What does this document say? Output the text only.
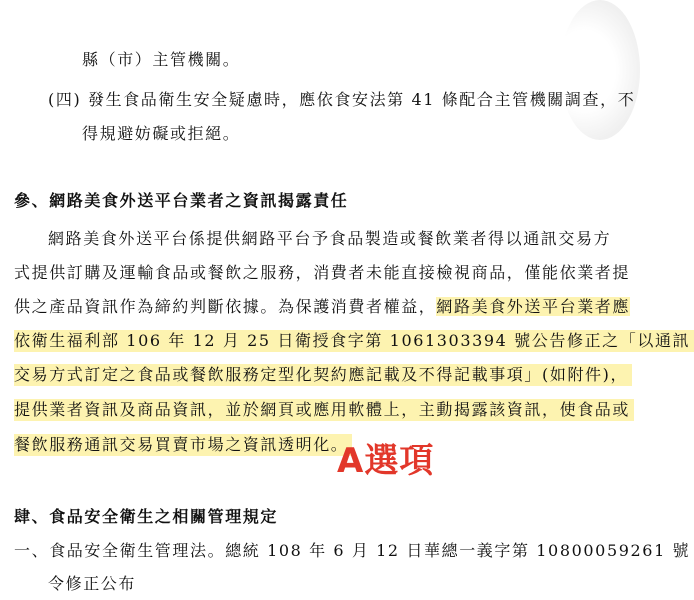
縣（市）主管機關。
(四) 發生食品衛生安全疑慮時，應依食安法第 41 條配合主管機關調查，不
得規避妨礙或拒絕。
參、網路美食外送平台業者之資訊揭露責任
網路美食外送平台係提供網路平台予食品製造或餐飲業者得以通訊交易方
式提供訂購及運輸食品或餐飲之服務，消費者未能直接檢視商品，僅能依業者提
供之產品資訊作為締約判斷依據。為保護消費者權益，網路美食外送平台業者應
依衛生福利部 106 年 12 月 25 日衛授食字第 1061303394 號公告修正之「以通訊
交易方式訂定之食品或餐飲服務定型化契約應記載及不得記載事項」(如附件)，
提供業者資訊及商品資訊，並於網頁或應用軟體上，主動揭露該資訊，使食品或
餐飲服務通訊交易買賣市場之資訊透明化。
A選項
肆、食品安全衛生之相關管理規定
一、食品安全衛生管理法。總統 108 年 6 月 12 日華總一義字第 10800059261 號
令修正公布
